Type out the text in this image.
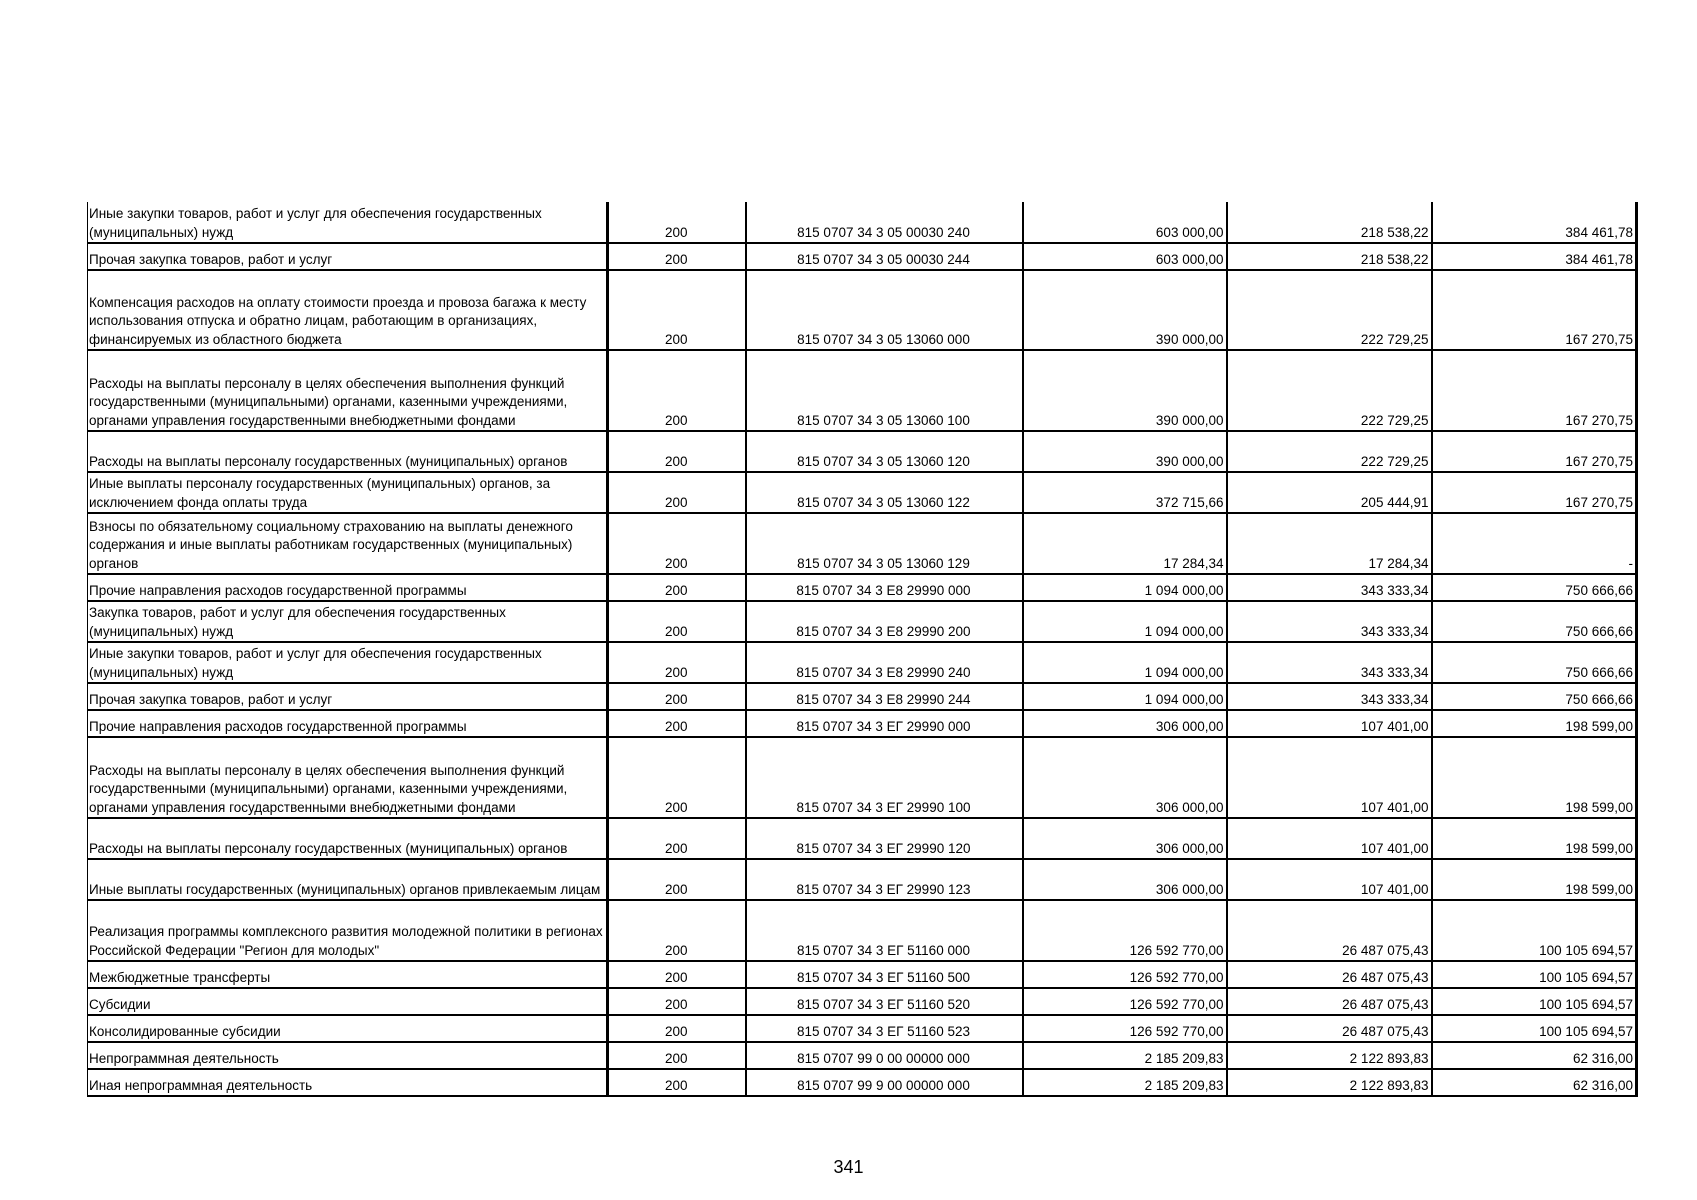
Иные закупки товаров, работ и услуг для обеспечения государственных (муниципальных) нужд	200	815 0707 34 3 05 00030 240	603 000,00	218 538,22	384 461,78
Прочая закупка товаров, работ и услуг	200	815 0707 34 3 05 00030 244	603 000,00	218 538,22	384 461,78
Компенсация расходов на оплату стоимости проезда и провоза багажа к месту использования отпуска и обратно лицам, работающим в организациях, финансируемых из областного бюджета	200	815 0707 34 3 05 13060 000	390 000,00	222 729,25	167 270,75
Расходы на выплаты персоналу в целях обеспечения выполнения функций государственными (муниципальными) органами, казенными учреждениями, органами управления государственными внебюджетными фондами	200	815 0707 34 3 05 13060 100	390 000,00	222 729,25	167 270,75
Расходы на выплаты персоналу государственных (муниципальных) органов	200	815 0707 34 3 05 13060 120	390 000,00	222 729,25	167 270,75
Иные выплаты персоналу государственных (муниципальных) органов, за исключением фонда оплаты труда	200	815 0707 34 3 05 13060 122	372 715,66	205 444,91	167 270,75
Взносы по обязательному социальному страхованию на выплаты денежного содержания и иные выплаты работникам государственных (муниципальных) органов	200	815 0707 34 3 05 13060 129	17 284,34	17 284,34	-
Прочие направления расходов государственной программы	200	815 0707 34 3 Е8 29990 000	1 094 000,00	343 333,34	750 666,66
Закупка товаров, работ и услуг для обеспечения государственных (муниципальных) нужд	200	815 0707 34 3 Е8 29990 200	1 094 000,00	343 333,34	750 666,66
Иные закупки товаров, работ и услуг для обеспечения государственных (муниципальных) нужд	200	815 0707 34 3 Е8 29990 240	1 094 000,00	343 333,34	750 666,66
Прочая закупка товаров, работ и услуг	200	815 0707 34 3 Е8 29990 244	1 094 000,00	343 333,34	750 666,66
Прочие направления расходов государственной программы	200	815 0707 34 3 ЕГ 29990 000	306 000,00	107 401,00	198 599,00
Расходы на выплаты персоналу в целях обеспечения выполнения функций государственными (муниципальными) органами, казенными учреждениями, органами управления государственными внебюджетными фондами	200	815 0707 34 3 ЕГ 29990 100	306 000,00	107 401,00	198 599,00
Расходы на выплаты персоналу государственных (муниципальных) органов	200	815 0707 34 3 ЕГ 29990 120	306 000,00	107 401,00	198 599,00
Иные выплаты государственных (муниципальных) органов привлекаемым лицам	200	815 0707 34 3 ЕГ 29990 123	306 000,00	107 401,00	198 599,00
Реализация программы комплексного развития молодежной политики в регионах Российской Федерации "Регион для молодых"	200	815 0707 34 3 ЕГ 51160 000	126 592 770,00	26 487 075,43	100 105 694,57
Межбюджетные трансферты	200	815 0707 34 3 ЕГ 51160 500	126 592 770,00	26 487 075,43	100 105 694,57
Субсидии	200	815 0707 34 3 ЕГ 51160 520	126 592 770,00	26 487 075,43	100 105 694,57
Консолидированные субсидии	200	815 0707 34 3 ЕГ 51160 523	126 592 770,00	26 487 075,43	100 105 694,57
Непрограммная деятельность	200	815 0707 99 0 00 00000 000	2 185 209,83	2 122 893,83	62 316,00
Иная непрограммная деятельность	200	815 0707 99 9 00 00000 000	2 185 209,83	2 122 893,83	62 316,00
341
